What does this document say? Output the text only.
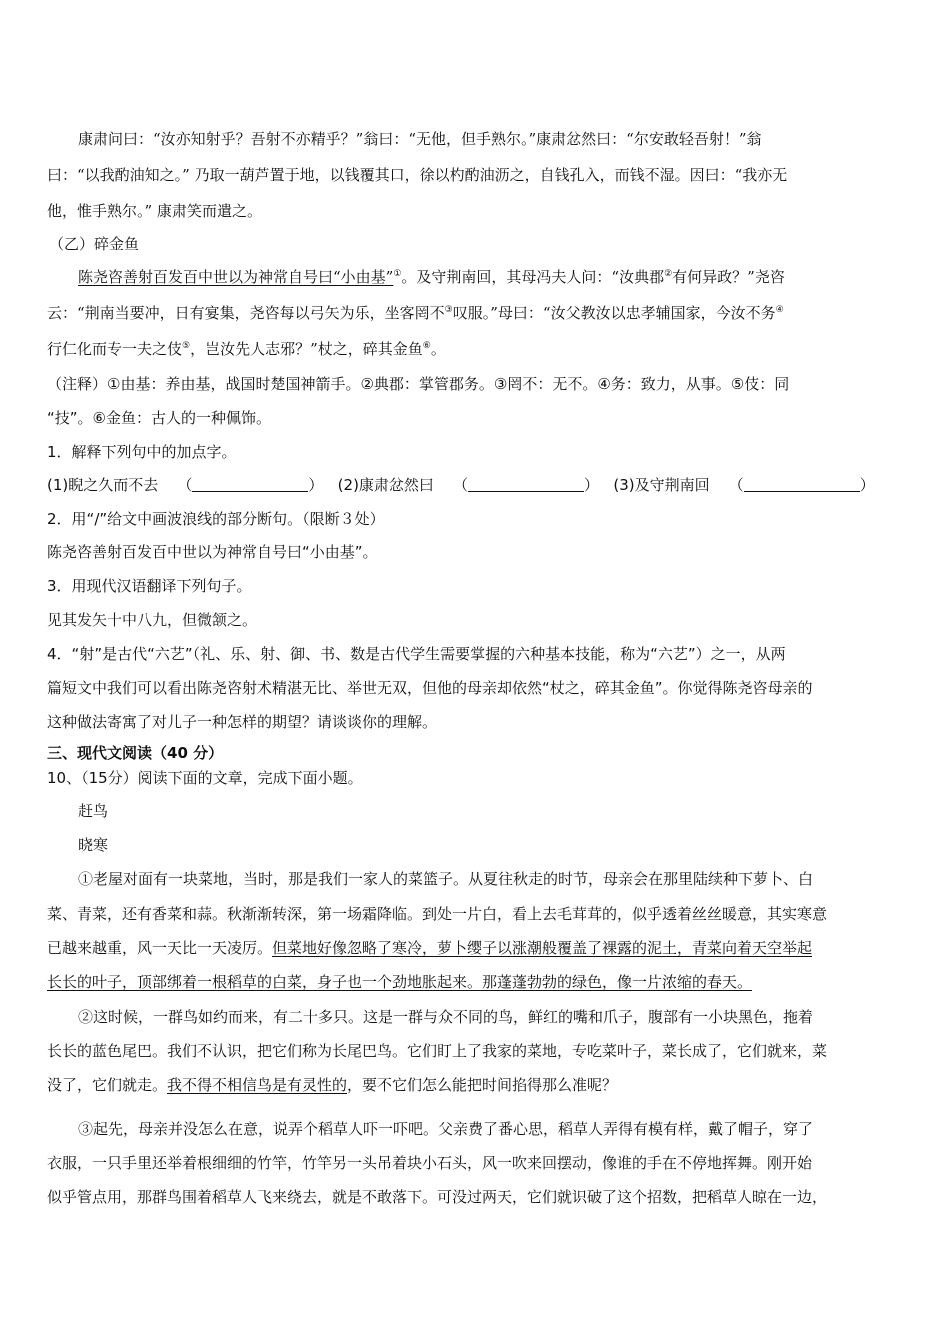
康肃问曰：“汝亦知射乎？吾射不亦精乎？”翁曰：“无他，但手熟尔。”康肃忿然曰：“尔安敢轻吾射！”翁
曰：“以我酌油知之。” 乃取一葫芦置于地，以钱覆其口，徐以杓酌油沥之，自钱孔入，而钱不湿。因曰：“我亦无
他，惟手熟尔。” 康肃笑而遣之。
（乙）碎金鱼
陈尧咨善射百发百中世以为神常自号曰“小由基”①。及守荆南回，其母冯夫人问：“汝典郡②有何异政？”尧咨
云：“荆南当要冲，日有宴集，尧咨每以弓矢为乐，坐客罔不③叹服。”母曰：“汝父教汝以忠孝辅国家，今汝不务④
行仁化而专一夫之伎⑤，岂汝先人志邪？”杖之，碎其金鱼⑥。
（注释）①由基：养由基，战国时楚国神箭手。②典郡：掌管郡务。③罔不：无不。④务：致力，从事。⑤伎：同
“技”。⑥金鱼：古人的一种佩饰。
1．解释下列句中的加点字。
(1)睨之久而不去 （	） (2)康肃忿然曰 （	） (3)及守荆南回 （	）
2．用“/”给文中画波浪线的部分断句。（限断３处）
陈尧咨善射百发百中世以为神常自号曰“小由基”。
3．用现代汉语翻译下列句子。
见其发矢十中八九，但微颔之。
4．“射”是古代“六艺”（礼、乐、射、御、书、数是古代学生需要掌握的六种基本技能，称为“六艺”）之一，从两
篇短文中我们可以看出陈尧咨射术精湛无比、举世无双，但他的母亲却依然“杖之，碎其金鱼”。你觉得陈尧咨母亲的
这种做法寄寓了对儿子一种怎样的期望？请谈谈你的理解。
三、现代文阅读（40 分）
10、（15分）阅读下面的文章，完成下面小题。
赶鸟
晓寒
①老屋对面有一块菜地，当时，那是我们一家人的菜篮子。从夏往秋走的时节，母亲会在那里陆续种下萝卜、白
菜、青菜，还有香菜和蒜。秋渐渐转深，第一场霜降临。到处一片白，看上去毛茸茸的，似乎透着丝丝暖意，其实寒意
已越来越重，风一天比一天凌厉。但菜地好像忽略了寒冷，萝卜缨子以涨潮般覆盖了裸露的泥土，青菜向着天空举起
长长的叶子，顶部绑着一根稻草的白菜，身子也一个劲地胀起来。那蓬蓬勃勃的绿色，像一片浓缩的春天。
②这时候，一群鸟如约而来，有二十多只。这是一群与众不同的鸟，鲜红的嘴和爪子，腹部有一小块黑色，拖着
长长的蓝色尾巴。我们不认识，把它们称为长尾巴鸟。它们盯上了我家的菜地，专吃菜叶子，菜长成了，它们就来，菜
没了，它们就走。我不得不相信鸟是有灵性的，要不它们怎么能把时间掐得那么准呢？
③起先，母亲并没怎么在意，说弄个稻草人吓一吓吧。父亲费了番心思，稻草人弄得有模有样，戴了帽子，穿了
衣服，一只手里还举着根细细的竹竿，竹竿另一头吊着块小石头，风一吹来回摆动，像谁的手在不停地挥舞。刚开始
似乎管点用，那群鸟围着稻草人飞来绕去，就是不敢落下。可没过两天，它们就识破了这个招数，把稻草人晾在一边，
